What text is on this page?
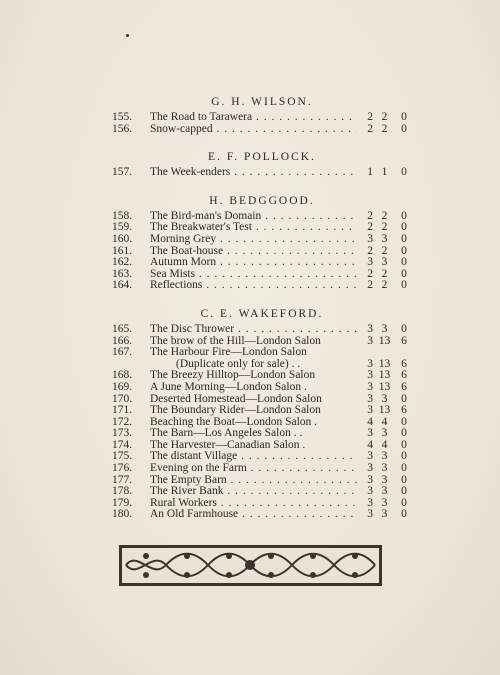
G. H. WILSON.
155.	The Road to Tarawera . . .	2 2	0
156.	Snow-capped . . .	2 2	0
E. F. POLLOCK.
157.	The Week-enders . . .	1 1	0
H. BEDGGOOD.
158.	The Bird-man's Domain . . .	2 2	0
159.	The Breakwater's Test . . .	2 2	0
160.	Morning Grey . . .	3 3	0
161.	The Boat-house . . .	2 2	0
162.	Autumn Morn . . .	3 3	0
163.	Sea Mists . . .	2 2	0
164.	Reflections . . .	2 2	0
C. E. WAKEFORD.
165.	The Disc Thrower . . .	3 3	0
166.	The brow of the Hill—London Salon	3 13 6
167.	The Harbour Fire—London Salon
(Duplicate only for sale) . .	3 13 6
168.	The Breezy Hilltop—London Salon	3 13 6
169.	A June Morning—London Salon .	3 13 6
170.	Deserted Homestead—London Salon	3 3	0
171.	The Boundary Rider—London Salon	3 13 6
172.	Beaching the Boat—London Salon .	4 4	0
173.	The Barn—Los Angeles Salon . .	3 3	0
174.	The Harvester—Canadian Salon .	4 4	0
175.	The distant Village . . .	3 3	0
176.	Evening on the Farm . . .	3 3	0
177.	The Empty Barn . . .	3 3	0
178.	The River Bank . . .	3 3	0
179.	Rural Workers . . .	3 3	0
180.	An Old Farmhouse . . .	3 3	0
